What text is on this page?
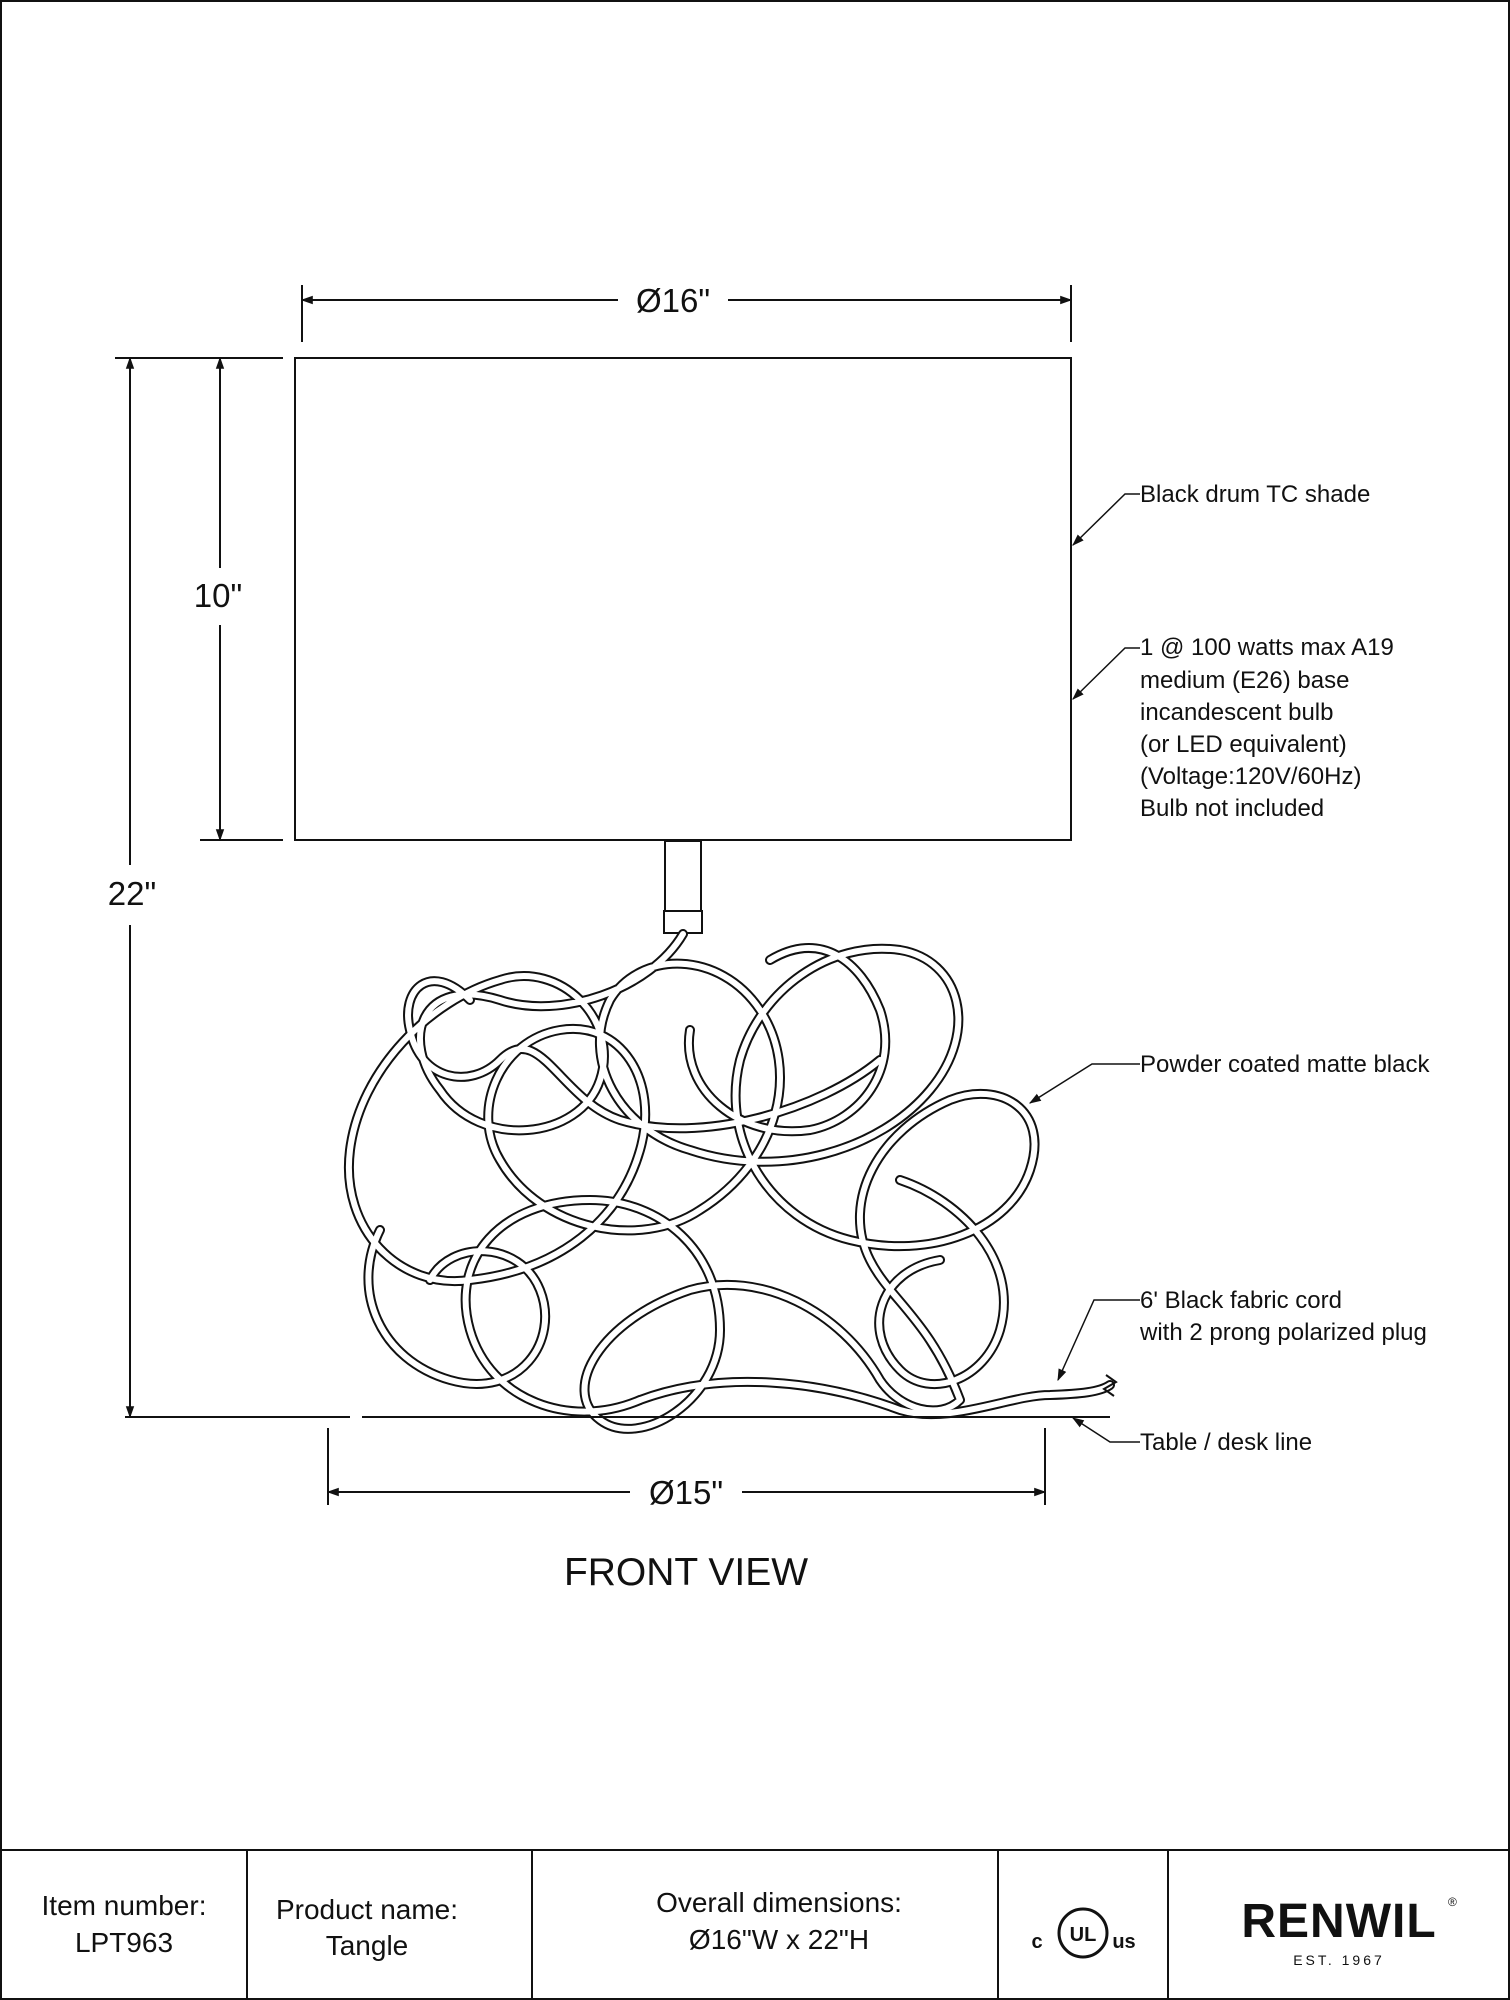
Ø16"
10"
22"
Ø15"
Black drum TC shade
1 @ 100 watts max A19
medium (E26) base
incandescent bulb
(or LED equivalent)
(Voltage:120V/60Hz)
Bulb not included
Powder coated matte black
6' Black fabric cord
with 2 prong polarized plug
Table / desk line
FRONT VIEW
Item number:
LPT963
Product name:
Tangle
Overall dimensions:
Ø16"W x 22"H	c UL us RENWIL ®
EST. 1967
